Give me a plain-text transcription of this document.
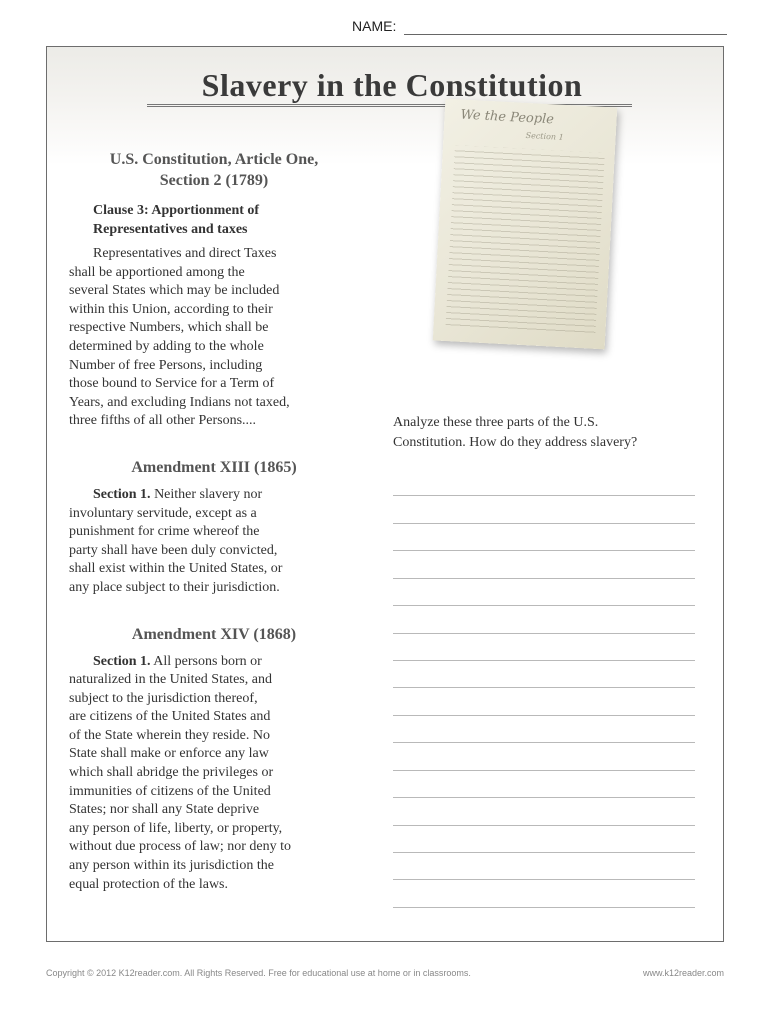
NAME:
Slavery in the Constitution
We the People
Section 1
U.S. Constitution, Article One,
Section 2 (1789)
Clause 3: Apportionment of
Representatives and taxes

Representatives and direct Taxes
shall be apportioned among the
several States which may be included
within this Union, according to their
respective Numbers, which shall be
determined by adding to the whole
Number of free Persons, including
those bound to Service for a Term of
Years, and excluding Indians not taxed,
three fifths of all other Persons....

Amendment XIII (1865)

Section 1. Neither slavery nor
involuntary servitude, except as a
punishment for crime whereof the
party shall have been duly convicted,
shall exist within the United States, or
any place subject to their jurisdiction.

Amendment XIV (1868)

Section 1. All persons born or
naturalized in the United States, and
subject to the jurisdiction thereof,
are citizens of the United States and
of the State wherein they reside. No
State shall make or enforce any law
which shall abridge the privileges or
immunities of citizens of the United
States; nor shall any State deprive
any person of life, liberty, or property,
without due process of law; nor deny to
any person within its jurisdiction the
equal protection of the laws.

Analyze these three parts of the U.S.
Constitution. How do they address slavery?

Copyright © 2012 K12reader.com. All Rights Reserved. Free for educational use at home or in classrooms.	www.k12reader.com
